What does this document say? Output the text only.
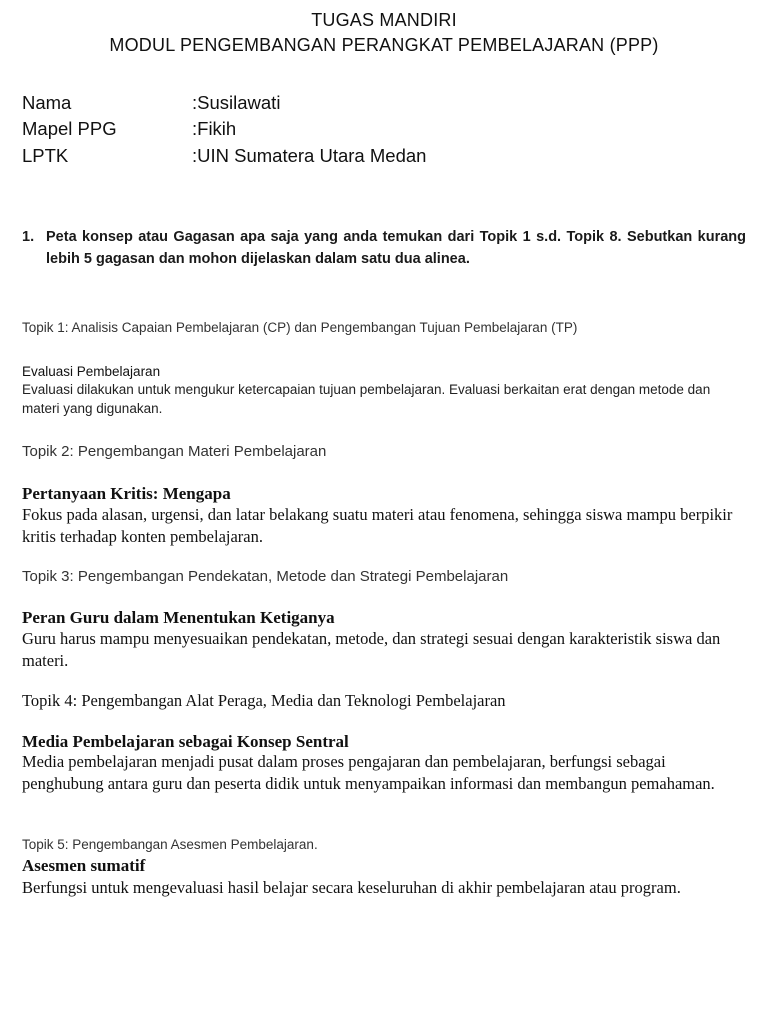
TUGAS MANDIRI
MODUL PENGEMBANGAN PERANGKAT PEMBELAJARAN (PPP)
Nama	:Susilawati
Mapel PPG	:Fikih
LPTK	:UIN Sumatera Utara Medan
1. Peta konsep atau Gagasan apa saja yang anda temukan dari Topik 1 s.d. Topik 8. Sebutkan kurang lebih 5 gagasan dan mohon dijelaskan dalam satu dua alinea.
Topik 1: Analisis Capaian Pembelajaran (CP) dan Pengembangan Tujuan Pembelajaran (TP)
Evaluasi Pembelajaran
Evaluasi dilakukan untuk mengukur ketercapaian tujuan pembelajaran. Evaluasi berkaitan erat dengan metode dan materi yang digunakan.
Topik 2: Pengembangan Materi Pembelajaran
Pertanyaan Kritis: Mengapa
Fokus pada alasan, urgensi, dan latar belakang suatu materi atau fenomena, sehingga siswa mampu berpikir kritis terhadap konten pembelajaran.
Topik 3: Pengembangan Pendekatan, Metode dan Strategi Pembelajaran
Peran Guru dalam Menentukan Ketiganya
Guru harus mampu menyesuaikan pendekatan, metode, dan strategi sesuai dengan karakteristik siswa dan materi.
Topik 4: Pengembangan Alat Peraga, Media dan Teknologi Pembelajaran
Media Pembelajaran sebagai Konsep Sentral
Media pembelajaran menjadi pusat dalam proses pengajaran dan pembelajaran, berfungsi sebagai penghubung antara guru dan peserta didik untuk menyampaikan informasi dan membangun pemahaman.
Topik 5: Pengembangan Asesmen Pembelajaran.
Asesmen sumatif
Berfungsi untuk mengevaluasi hasil belajar secara keseluruhan di akhir pembelajaran atau program.
